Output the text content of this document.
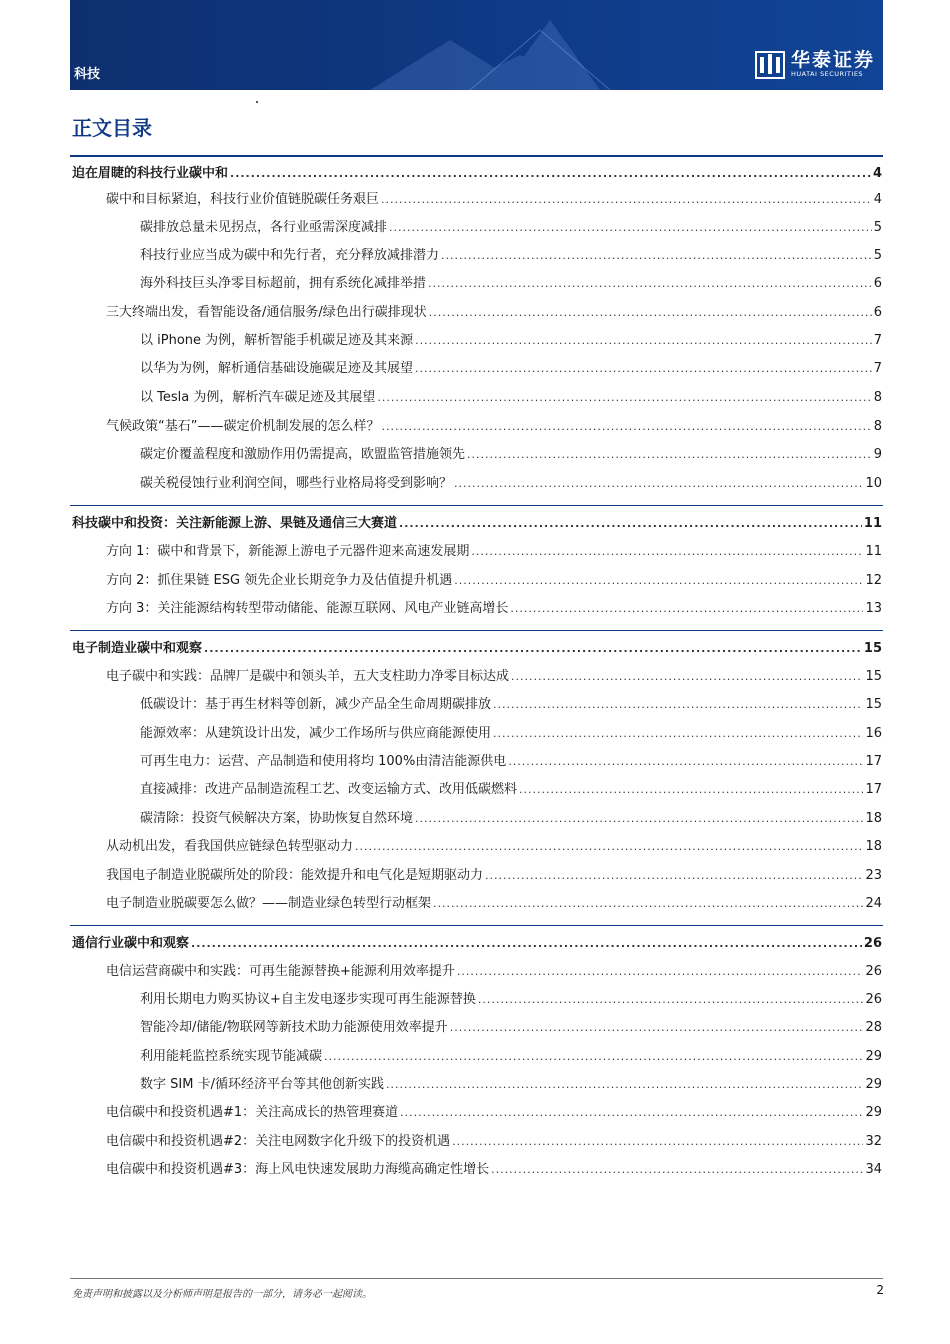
科技
华泰证券
HUATAI SECURITIES
正文目录
迫在眉睫的科技行业碳中和 .....	4
碳中和目标紧迫，科技行业价值链脱碳任务艰巨 .....	4
碳排放总量未见拐点，各行业亟需深度减排 .....	5
科技行业应当成为碳中和先行者，充分释放减排潜力 .....	5
海外科技巨头净零目标超前，拥有系统化减排举措 .....	6
三大终端出发，看智能设备/通信服务/绿色出行碳排现状 .....	6
以 iPhone 为例，解析智能手机碳足迹及其来源 .....	7
以华为为例，解析通信基础设施碳足迹及其展望 .....	7
以 Tesla 为例，解析汽车碳足迹及其展望 .....	8
气候政策“基石”——碳定价机制发展的怎么样？ .....	8
碳定价覆盖程度和激励作用仍需提高，欧盟监管措施领先 .....	9
碳关税侵蚀行业利润空间，哪些行业格局将受到影响？ .....	10
科技碳中和投资：关注新能源上游、果链及通信三大赛道 .....	11
方向 1：碳中和背景下，新能源上游电子元器件迎来高速发展期 .....	11
方向 2：抓住果链 ESG 领先企业长期竞争力及估值提升机遇 .....	12
方向 3：关注能源结构转型带动储能、能源互联网、风电产业链高增长 .....	13
电子制造业碳中和观察 .....	15
电子碳中和实践：品牌厂是碳中和领头羊，五大支柱助力净零目标达成 .....	15
低碳设计：基于再生材料等创新，减少产品全生命周期碳排放 .....	15
能源效率：从建筑设计出发，减少工作场所与供应商能源使用 .....	16
可再生电力：运营、产品制造和使用将均 100%由清洁能源供电 .....	17
直接减排：改进产品制造流程工艺、改变运输方式、改用低碳燃料 .....	17
碳清除：投资气候解决方案，协助恢复自然环境 .....	18
从动机出发，看我国供应链绿色转型驱动力 .....	18
我国电子制造业脱碳所处的阶段：能效提升和电气化是短期驱动力 .....	23
电子制造业脱碳要怎么做？——制造业绿色转型行动框架 .....	24
通信行业碳中和观察 .....	26
电信运营商碳中和实践：可再生能源替换+能源利用效率提升 .....	26
利用长期电力购买协议+自主发电逐步实现可再生能源替换 .....	26
智能冷却/储能/物联网等新技术助力能源使用效率提升 .....	28
利用能耗监控系统实现节能减碳 .....	29
数字 SIM 卡/循环经济平台等其他创新实践 .....	29
电信碳中和投资机遇#1：关注高成长的热管理赛道 .....	29
电信碳中和投资机遇#2：关注电网数字化升级下的投资机遇 .....	32
电信碳中和投资机遇#3：海上风电快速发展助力海缆高确定性增长 .....	34
免责声明和披露以及分析师声明是报告的一部分，请务必一起阅读。	2
